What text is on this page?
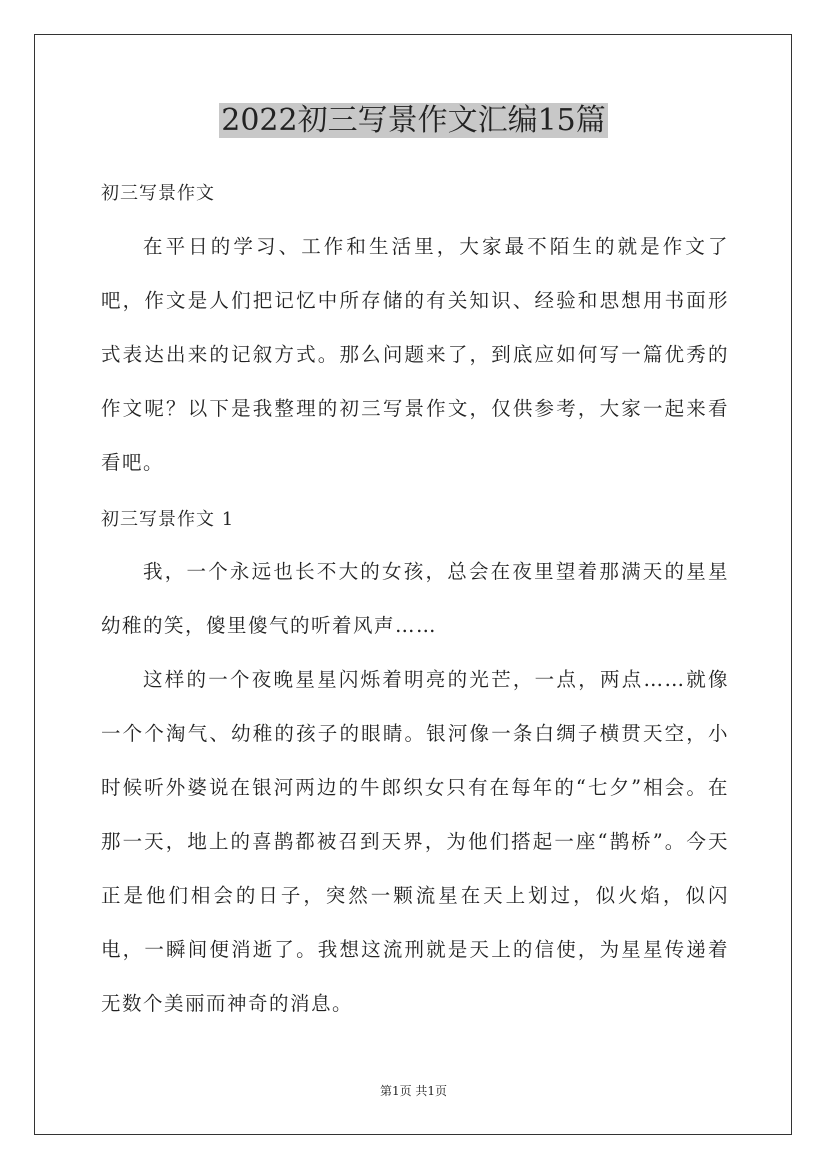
2022初三写景作文汇编15篇
初三写景作文

在平日的学习、工作和生活里，大家最不陌生的就是作文了吧，作文是人们把记忆中所存储的有关知识、经验和思想用书面形式表达出来的记叙方式。那么问题来了，到底应如何写一篇优秀的作文呢？以下是我整理的初三写景作文，仅供参考，大家一起来看看吧。

初三写景作文 1

我，一个永远也长不大的女孩，总会在夜里望着那满天的星星幼稚的笑，傻里傻气的听着风声……

这样的一个夜晚星星闪烁着明亮的光芒，一点，两点……就像一个个淘气、幼稚的孩子的眼睛。银河像一条白绸子横贯天空，小时候听外婆说在银河两边的牛郎织女只有在每年的“七夕”相会。在那一天，地上的喜鹊都被召到天界，为他们搭起一座“鹊桥”。今天正是他们相会的日子，突然一颗流星在天上划过，似火焰，似闪电，一瞬间便消逝了。我想这流刑就是天上的信使，为星星传递着无数个美丽而神奇的消息。

第1页 共1页
